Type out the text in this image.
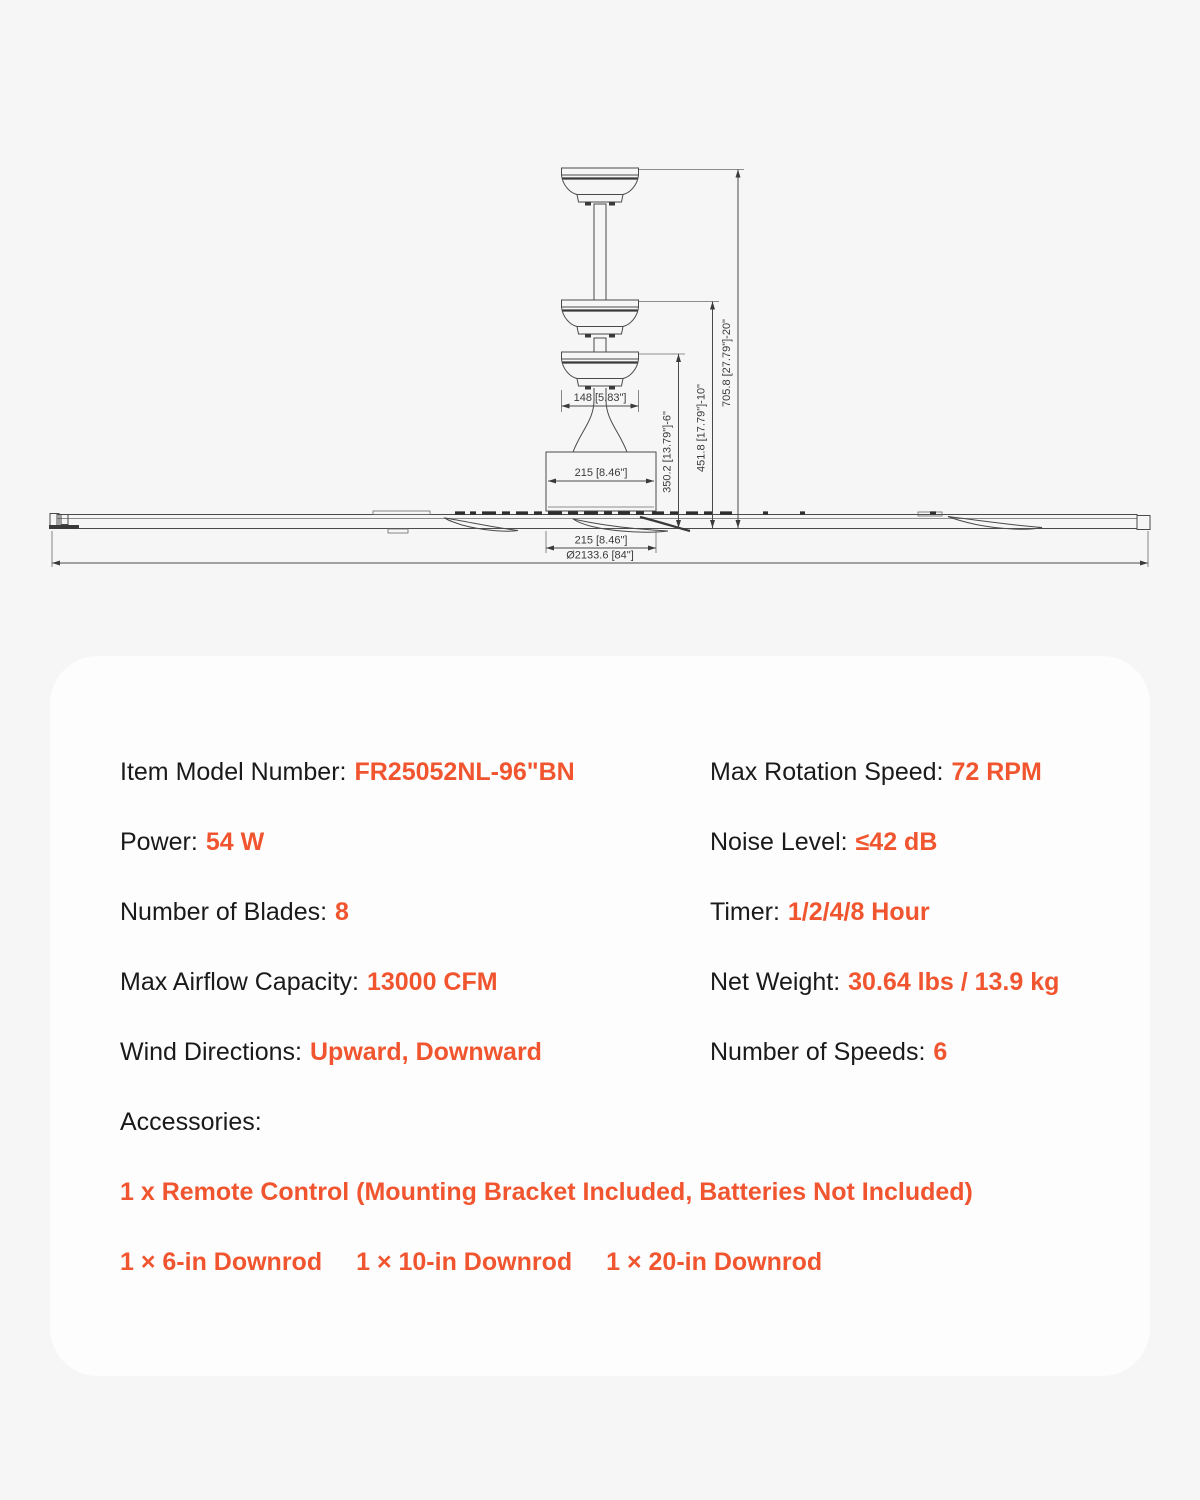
148 [5.83"]
215 [8.46"]
215 [8.46"]
Ø2133.6 [84"]
350.2 [13.79"]-6" 451.8 [17.79"]-10"
705.8 [27.79"]-20"
Item Model Number: FR25052NL-96"BN
Power: 54 W
Number of Blades: 8
Max Airflow Capacity: 13000 CFM
Wind Directions: Upward, Downward
Accessories:
Max Rotation Speed: 72 RPM
Noise Level: ≤42 dB
Timer: 1/2/4/8 Hour
Net Weight: 30.64 lbs / 13.9 kg
Number of Speeds: 6
1 x Remote Control (Mounting Bracket Included, Batteries Not Included)
1 × 6-in Downrod 1 × 10-in Downrod 1 × 20-in Downrod
